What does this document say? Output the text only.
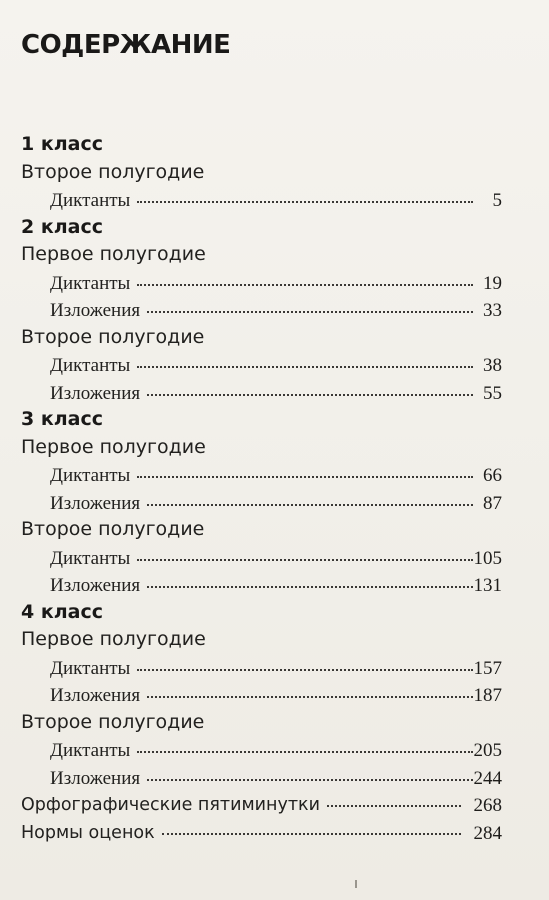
СОДЕРЖАНИЕ
1 класс
Второе полугодие
Диктанты	5
2 класс
Первое полугодие
Диктанты	19
Изложения	33
Второе полугодие
Диктанты	38
Изложения	55
3 класс
Первое полугодие
Диктанты	66
Изложения	87
Второе полугодие
Диктанты	105
Изложения	131
4 класс
Первое полугодие
Диктанты	157
Изложения	187
Второе полугодие
Диктанты	205
Изложения	244
Орфографические пятиминутки	268
Нормы оценок	284
